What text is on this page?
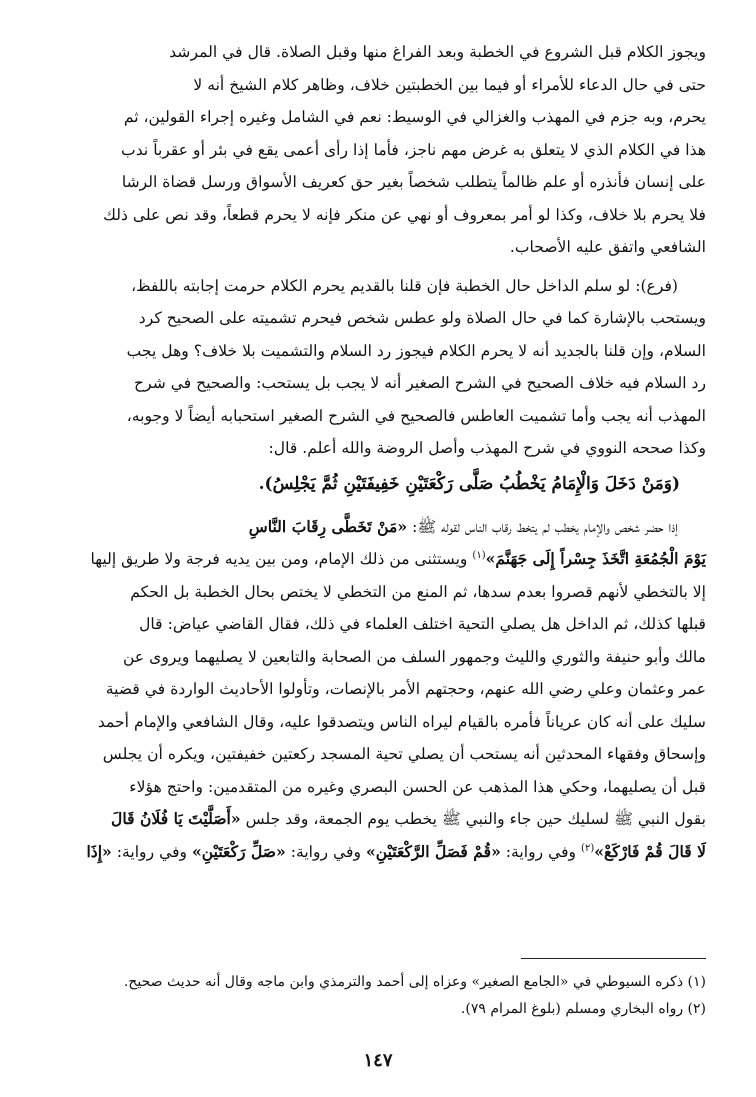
ويجوز الكلام قبل الشروع في الخطبة وبعد الفراغ منها وقبل الصلاة. قال في المرشد

حتى في حال الدعاء للأمراء أو فيما بين الخطبتين خلاف، وظاهر كلام الشيخ أنه لا

يحرم، وبه جزم في المهذب والغزالي في الوسيط: نعم في الشامل وغيره إجراء القولين، ثم

هذا في الكلام الذي لا يتعلق به غرض مهم ناجز، فأما إذا رأى أعمى يقع في بئر أو عقرباً ندب

على إنسان فأنذره أو علم ظالماً يتطلب شخصاً بغير حق كعريف الأسواق ورسل قضاة الرشا

فلا يحرم بلا خلاف، وكذا لو أمر بمعروف أو نهي عن منكر فإنه لا يحرم قطعاً، وقد نص على ذلك

الشافعي واتفق عليه الأصحاب.

(فرع): لو سلم الداخل حال الخطبة فإن قلنا بالقديم يحرم الكلام حرمت إجابته باللفظ،

ويستحب بالإشارة كما في حال الصلاة ولو عطس شخص فيحرم تشميته على الصحيح كرد

السلام، وإن قلنا بالجديد أنه لا يحرم الكلام فيجوز رد السلام والتشميت بلا خلاف؟ وهل يجب

رد السلام فيه خلاف الصحيح في الشرح الصغير أنه لا يجب بل يستحب: والصحيح في شرح

المهذب أنه يجب وأما تشميت العاطس فالصحيح في الشرح الصغير استحبابه أيضاً لا وجوبه،

وكذا صححه النووي في شرح المهذب وأصل الروضة والله أعلم. قال:

(وَمَنْ دَخَلَ وَالْإِمَامُ يَخْطُبُ صَلَّى رَكْعَتَيْنِ خَفِيفَتَيْنِ ثُمَّ يَجْلِسُ).

إذا حضر شخص والإمام يخطب لم يتخط رقاب الناس لقوله ﷺ: «مَنْ تَخَطَّى رِقَابَ النَّاسِ

يَوْمَ الْجُمُعَةِ اتَّخَذَ جِسْراً إِلَى جَهَنَّمَ»$^{(١)}$ ويستثنى من ذلك الإمام، ومن بين يديه فرجة ولا طريق إليها

إلا بالتخطي لأنهم قصروا بعدم سدها، ثم المنع من التخطي لا يختص بحال الخطبة بل الحكم

قبلها كذلك، ثم الداخل هل يصلي التحية اختلف العلماء في ذلك، فقال القاضي عياض: قال

مالك وأبو حنيفة والثوري والليث وجمهور السلف من الصحابة والتابعين لا يصليهما ويروى عن

عمر وعثمان وعلي رضي الله عنهم، وحجتهم الأمر بالإنصات، وتأولوا الأحاديث الواردة في قضية

سليك على أنه كان عرياناً فأمره بالقيام ليراه الناس ويتصدقوا عليه، وقال الشافعي والإمام أحمد

وإسحاق وفقهاء المحدثين أنه يستحب أن يصلي تحية المسجد ركعتين خفيفتين، ويكره أن يجلس

قبل أن يصليهما، وحكي هذا المذهب عن الحسن البصري وغيره من المتقدمين: واحتج هؤلاء

بقول النبي ﷺ لسليك حين جاء والنبي ﷺ يخطب يوم الجمعة، وقد جلس «أَصَلَّيْتَ يَا فُلَانُ قَالَ

لَا قَالَ قُمْ فَارْكَعْ»$^{(٢)}$ وفي رواية: «قُمْ فَصَلِّ الرَّكْعَتَيْنِ» وفي رواية: «صَلِّ رَكْعَتَيْنِ» وفي رواية: «إِذَا

(١) ذكره السيوطي في «الجامع الصغير» وعزاه إلى أحمد والترمذي وابن ماجه وقال أنه حديث صحيح.

(٢) رواه البخاري ومسلم (بلوغ المرام ٧٩).

١٤٧
